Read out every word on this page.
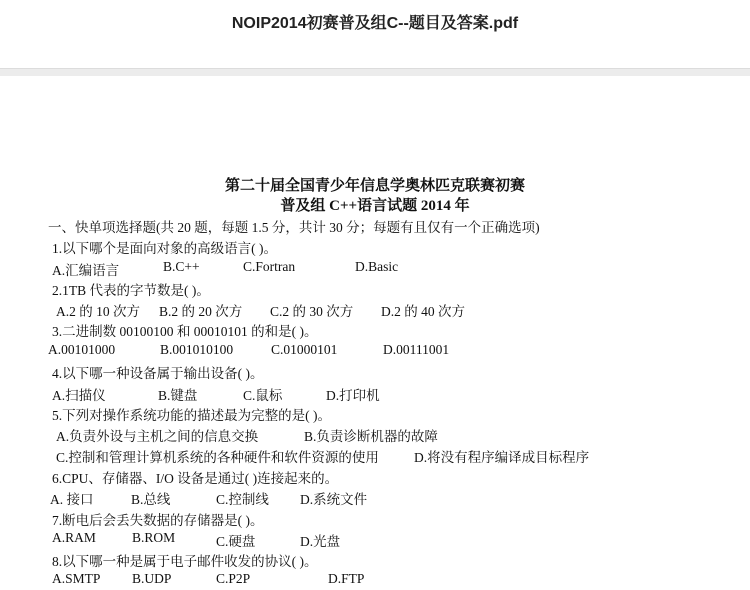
NOIP2014初赛普及组C--题目及答案.pdf
第二十届全国青少年信息学奥林匹克联赛初赛
普及组 C++语言试题 2014 年
一、快单项选择题(共 20 题，每题 1.5 分，共计 30 分；每题有且仅有一个正确选项)
1.以下哪个是面向对象的高级语言( )。
A.汇编语言	B.C++	C.Fortran	D.Basic
2.1TB 代表的字节数是( )。
A.2 的 10 次方 B.2 的 20 次方 C.2 的 30 次方 D.2 的 40 次方
3.二进制数 00100100 和 00010101 的和是( )。
A.00101000	B.001010100	C.01000101	D.00111001
4.以下哪一种设备属于输出设备( )。
A.扫描仪	B.键盘	C.鼠标	D.打印机
5.下列对操作系统功能的描述最为完整的是( )。
A.负责外设与主机之间的信息交换	B.负责诊断机器的故障
C.控制和管理计算机系统的各种硬件和软件资源的使用	D.将没有程序编译成目标程序
6.CPU、存储器、I/O 设备是通过( )连接起来的。
A. 接口	B.总线	C.控制线 D.系统文件
7.断电后会丢失数据的存储器是( )。
A.RAM	B.ROM	C.硬盘	D.光盘
8.以下哪一种是属于电子邮件收发的协议( )。
A.SMTP B.UDP	C.P2P	D.FTP
